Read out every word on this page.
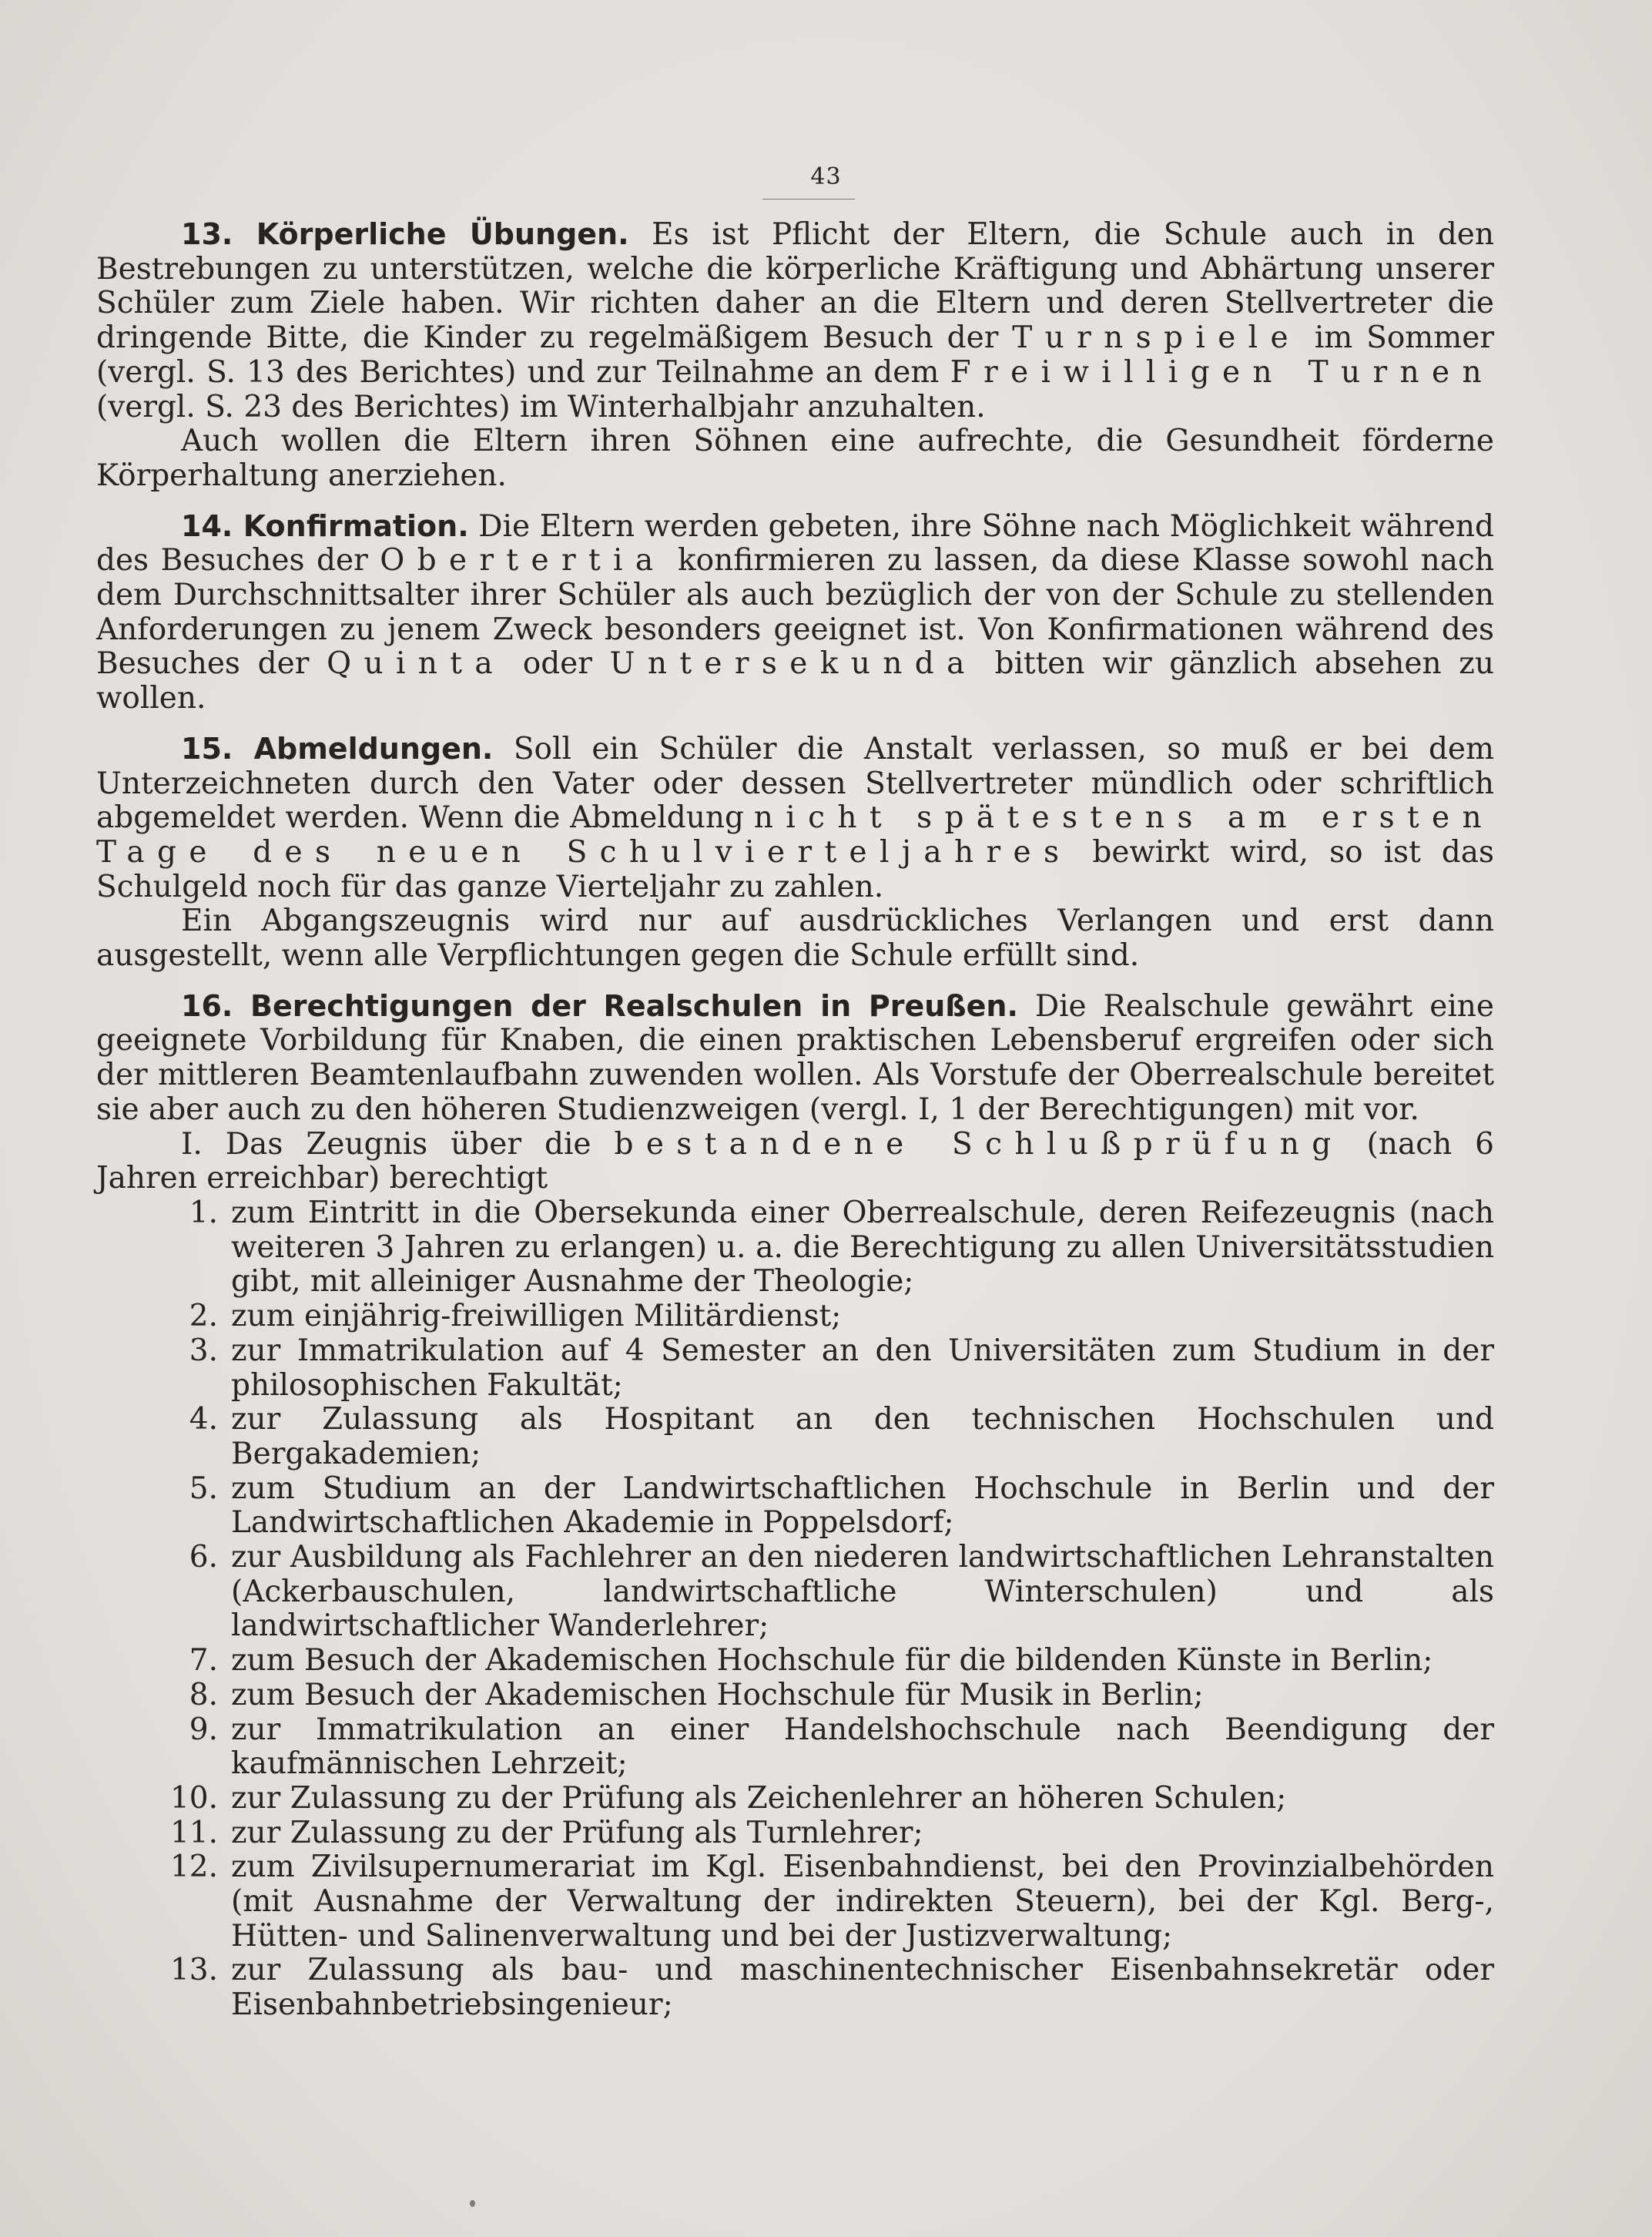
43

13. Körperliche Übungen. Es ist Pflicht der Eltern, die Schule auch in den Bestrebungen zu unterstützen, welche die körperliche Kräftigung und Abhärtung unserer Schüler zum Ziele haben. Wir richten daher an die Eltern und deren Stellvertreter die dringende Bitte, die Kinder zu regelmäßigem Besuch der Turnspiele im Sommer (vergl. S. 13 des Berichtes) und zur Teilnahme an dem Freiwilligen Turnen (vergl. S. 23 des Berichtes) im Winterhalbjahr anzuhalten.

Auch wollen die Eltern ihren Söhnen eine aufrechte, die Gesundheit förderne Körperhaltung anerziehen.

14. Konfirmation. Die Eltern werden gebeten, ihre Söhne nach Möglichkeit während des Besuches der Obertertia konfirmieren zu lassen, da diese Klasse sowohl nach dem Durchschnittsalter ihrer Schüler als auch bezüglich der von der Schule zu stellenden Anforderungen zu jenem Zweck besonders geeignet ist. Von Konfirmationen während des Besuches der Quinta oder Untersekunda bitten wir gänzlich absehen zu wollen.

15. Abmeldungen. Soll ein Schüler die Anstalt verlassen, so muß er bei dem Unterzeichneten durch den Vater oder dessen Stellvertreter mündlich oder schriftlich abgemeldet werden. Wenn die Abmeldung nicht spätestens am ersten Tage des neuen Schulvierteljahres bewirkt wird, so ist das Schulgeld noch für das ganze Vierteljahr zu zahlen.

Ein Abgangszeugnis wird nur auf ausdrückliches Verlangen und erst dann ausgestellt, wenn alle Verpflichtungen gegen die Schule erfüllt sind.

16. Berechtigungen der Realschulen in Preußen. Die Realschule gewährt eine geeignete Vorbildung für Knaben, die einen praktischen Lebensberuf ergreifen oder sich der mittleren Beamtenlaufbahn zuwenden wollen. Als Vorstufe der Oberrealschule bereitet sie aber auch zu den höheren Studienzweigen (vergl. I, 1 der Berechtigungen) mit vor.

I. Das Zeugnis über die bestandene Schlußprüfung (nach 6 Jahren erreichbar) berechtigt

1. zum Eintritt in die Obersekunda einer Oberrealschule, deren Reifezeugnis (nach weiteren 3 Jahren zu erlangen) u. a. die Berechtigung zu allen Universitätsstudien gibt, mit alleiniger Ausnahme der Theologie;
2. zum einjährig-freiwilligen Militärdienst;
3. zur Immatrikulation auf 4 Semester an den Universitäten zum Studium in der philosophischen Fakultät;
4. zur Zulassung als Hospitant an den technischen Hochschulen und Bergakademien;
5. zum Studium an der Landwirtschaftlichen Hochschule in Berlin und der Landwirtschaftlichen Akademie in Poppelsdorf;
6. zur Ausbildung als Fachlehrer an den niederen landwirtschaftlichen Lehranstalten (Ackerbauschulen, landwirtschaftliche Winterschulen) und als landwirtschaftlicher Wanderlehrer;
7. zum Besuch der Akademischen Hochschule für die bildenden Künste in Berlin;
8. zum Besuch der Akademischen Hochschule für Musik in Berlin;
9. zur Immatrikulation an einer Handelshochschule nach Beendigung der kaufmännischen Lehrzeit;
10. zur Zulassung zu der Prüfung als Zeichenlehrer an höheren Schulen;
11. zur Zulassung zu der Prüfung als Turnlehrer;
12. zum Zivilsupernumerariat im Kgl. Eisenbahndienst, bei den Provinzialbehörden (mit Ausnahme der Verwaltung der indirekten Steuern), bei der Kgl. Berg-, Hütten- und Salinenverwaltung und bei der Justizverwaltung;
13. zur Zulassung als bau- und maschinentechnischer Eisenbahnsekretär oder Eisenbahnbetriebsingenieur;
